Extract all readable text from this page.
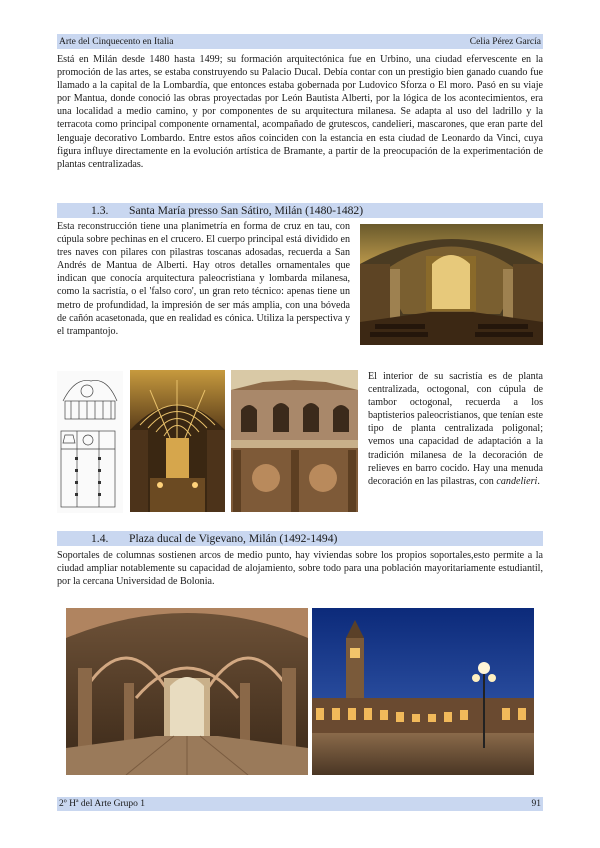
Arte del Cinquecento en Italia	Celia Pérez García

Está en Milán desde 1480 hasta 1499; su formación arquitectónica fue en Urbino, una ciudad efervescente en la promoción de las artes, se estaba construyendo su Palacio Ducal. Debía contar con un prestigio bien ganado cuando fue llamado a la capital de la Lombardía, que entonces estaba gobernada por Ludovico Sforza o El moro. Pasó en su viaje por Mantua, donde conoció las obras proyectadas por León Bautista Alberti, por la lógica de los acontecimientos, era una localidad a medio camino, y por componentes de su arquitectura milanesa. Se adapta al uso del ladrillo y la terracota como principal componente ornamental, acompañado de grutescos, candelieri, mascarones, que eran parte del lenguaje decorativo Lombardo. Entre estos años coinciden con la estancia en esta ciudad de Leonardo da Vinci, cuya figura influye directamente en la evolución artística de Bramante, a partir de la preocupación de la experimentación de plantas centralizadas.

1.3. Santa María presso San Sátiro, Milán (1480-1482)

Esta reconstrucción tiene una planimetría en forma de cruz en tau, con cúpula sobre pechinas en el crucero. El cuerpo principal está dividido en tres naves con pilares con pilastras toscanas adosadas, recuerda a San Andrés de Mantua de Alberti. Hay otros detalles ornamentales que indican que conocía arquitectura paleocristiana y lombarda milanesa, como la sacristía, o el 'falso coro', un gran reto técnico: apenas tiene un metro de profundidad, la impresión de ser más amplia, con una bóveda de cañón acasetonada, que en realidad es cónica. Utiliza la perspectiva y el trampantojo.

El interior de su sacristía es de planta centralizada, octogonal, con cúpula de tambor octogonal, recuerda a los baptisterios paleocristianos, que tenían este tipo de planta centralizada poligonal; vemos una capacidad de adaptación a la tradición milanesa de la decoración de relieves en barro cocido. Hay una menuda decoración en las pilastras, con candelieri.

1.4. Plaza ducal de Vigevano, Milán (1492-1494)

Soportales de columnas sostienen arcos de medio punto, hay viviendas sobre los propios soportales,esto permite a la ciudad ampliar notablemente su capacidad de alojamiento, sobre todo para una población mayoritariamente estudiantil, por la cercana Universidad de Bolonia.

2º Hª del Arte Grupo 1	91
